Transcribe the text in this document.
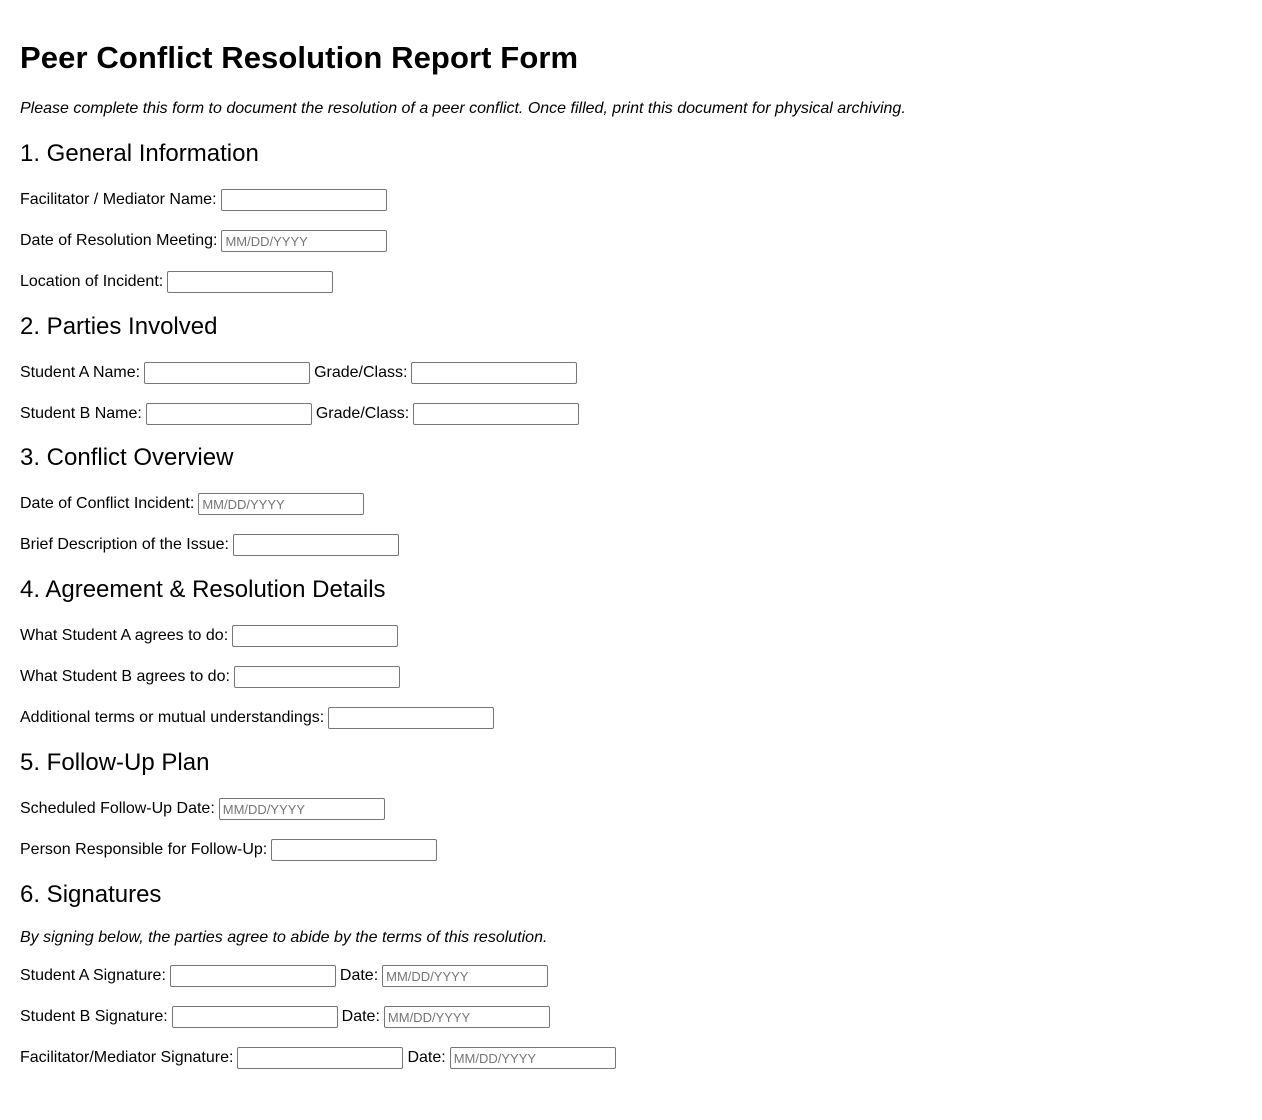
Peer Conflict Resolution Report Form

Please complete this form to document the resolution of a peer conflict. Once filled, print this document for physical archiving.

1. General Information
Facilitator / Mediator Name:
Date of Resolution Meeting:
MM/DD/YYYY
Location of Incident:
2. Parties Involved
Student A Name:	Grade/Class:
Student B Name:	Grade/Class:
3. Conflict Overview
Date of Conflict Incident:
MM/DD/YYYY
Brief Description of the Issue:
4. Agreement & Resolution Details
What Student A agrees to do:
What Student B agrees to do:
Additional terms or mutual understandings:
5. Follow-Up Plan
Scheduled Follow-Up Date:
MM/DD/YYYY
Person Responsible for Follow-Up:
6. Signatures

By signing below, the parties agree to abide by the terms of this resolution.

Student A Signature:	Date:
MM/DD/YYYY
Student B Signature:	Date:
MM/DD/YYYY
Facilitator/Mediator Signature:	Date:
MM/DD/YYYY
